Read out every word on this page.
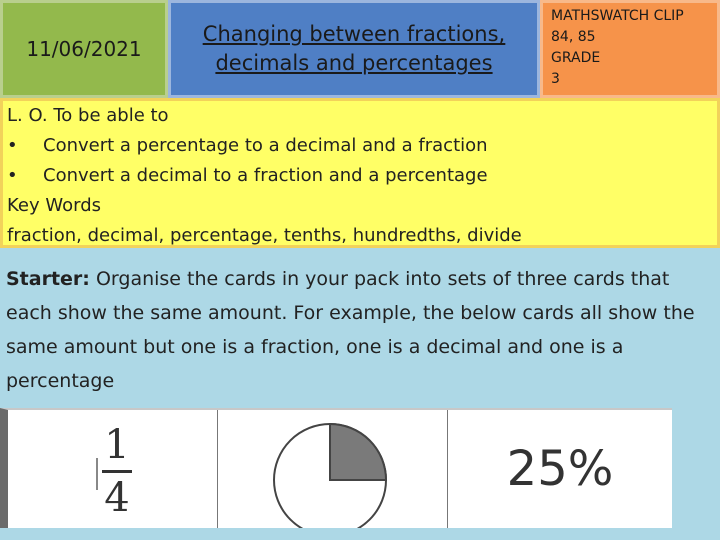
11/06/2021
Changing between fractions,
decimals and percentages
MATHSWATCH CLIP
84, 85
GRADE
3
L. O. To be able to
• Convert a percentage to a decimal and a fraction
• Convert a decimal to a fraction and a percentage
Key Words
fraction, decimal, percentage, tenths, hundredths, divide
Starter: Organise the cards in your pack into sets of three cards that each show the same amount. For example, the below cards all show the same amount but one is a fraction, one is a decimal and one is a percentage
1
4
25%
